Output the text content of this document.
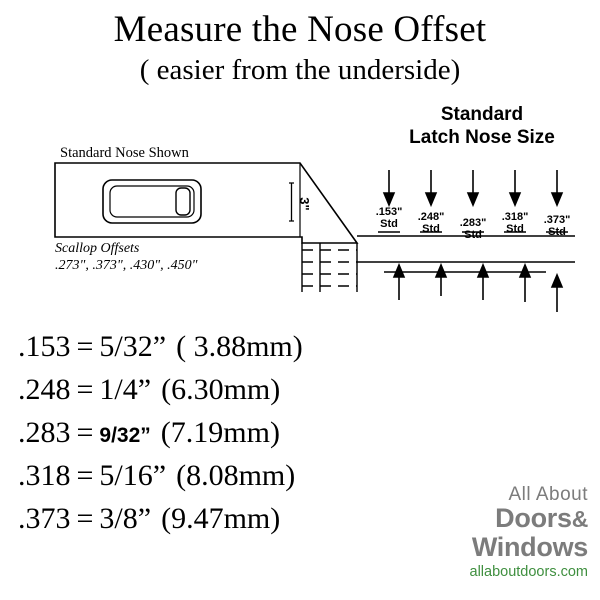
Measure the Nose Offset
( easier from the underside)
Standard
Latch Nose Size
Standard Nose Shown
Scallop Offsets
.273", .373", .430", .450"
.153"
Std
.248"
Std	.283"
Std
.318"
Std
.373"
Std
3"
.153 = 5/32” ( 3.88mm)
.248 = 1/4” (6.30mm)
.283 = 9/32” (7.19mm)
.318 = 5/16” (8.08mm)
.373 = 3/8” (9.47mm)
All About
Doors&
Windows
allaboutdoors.com
